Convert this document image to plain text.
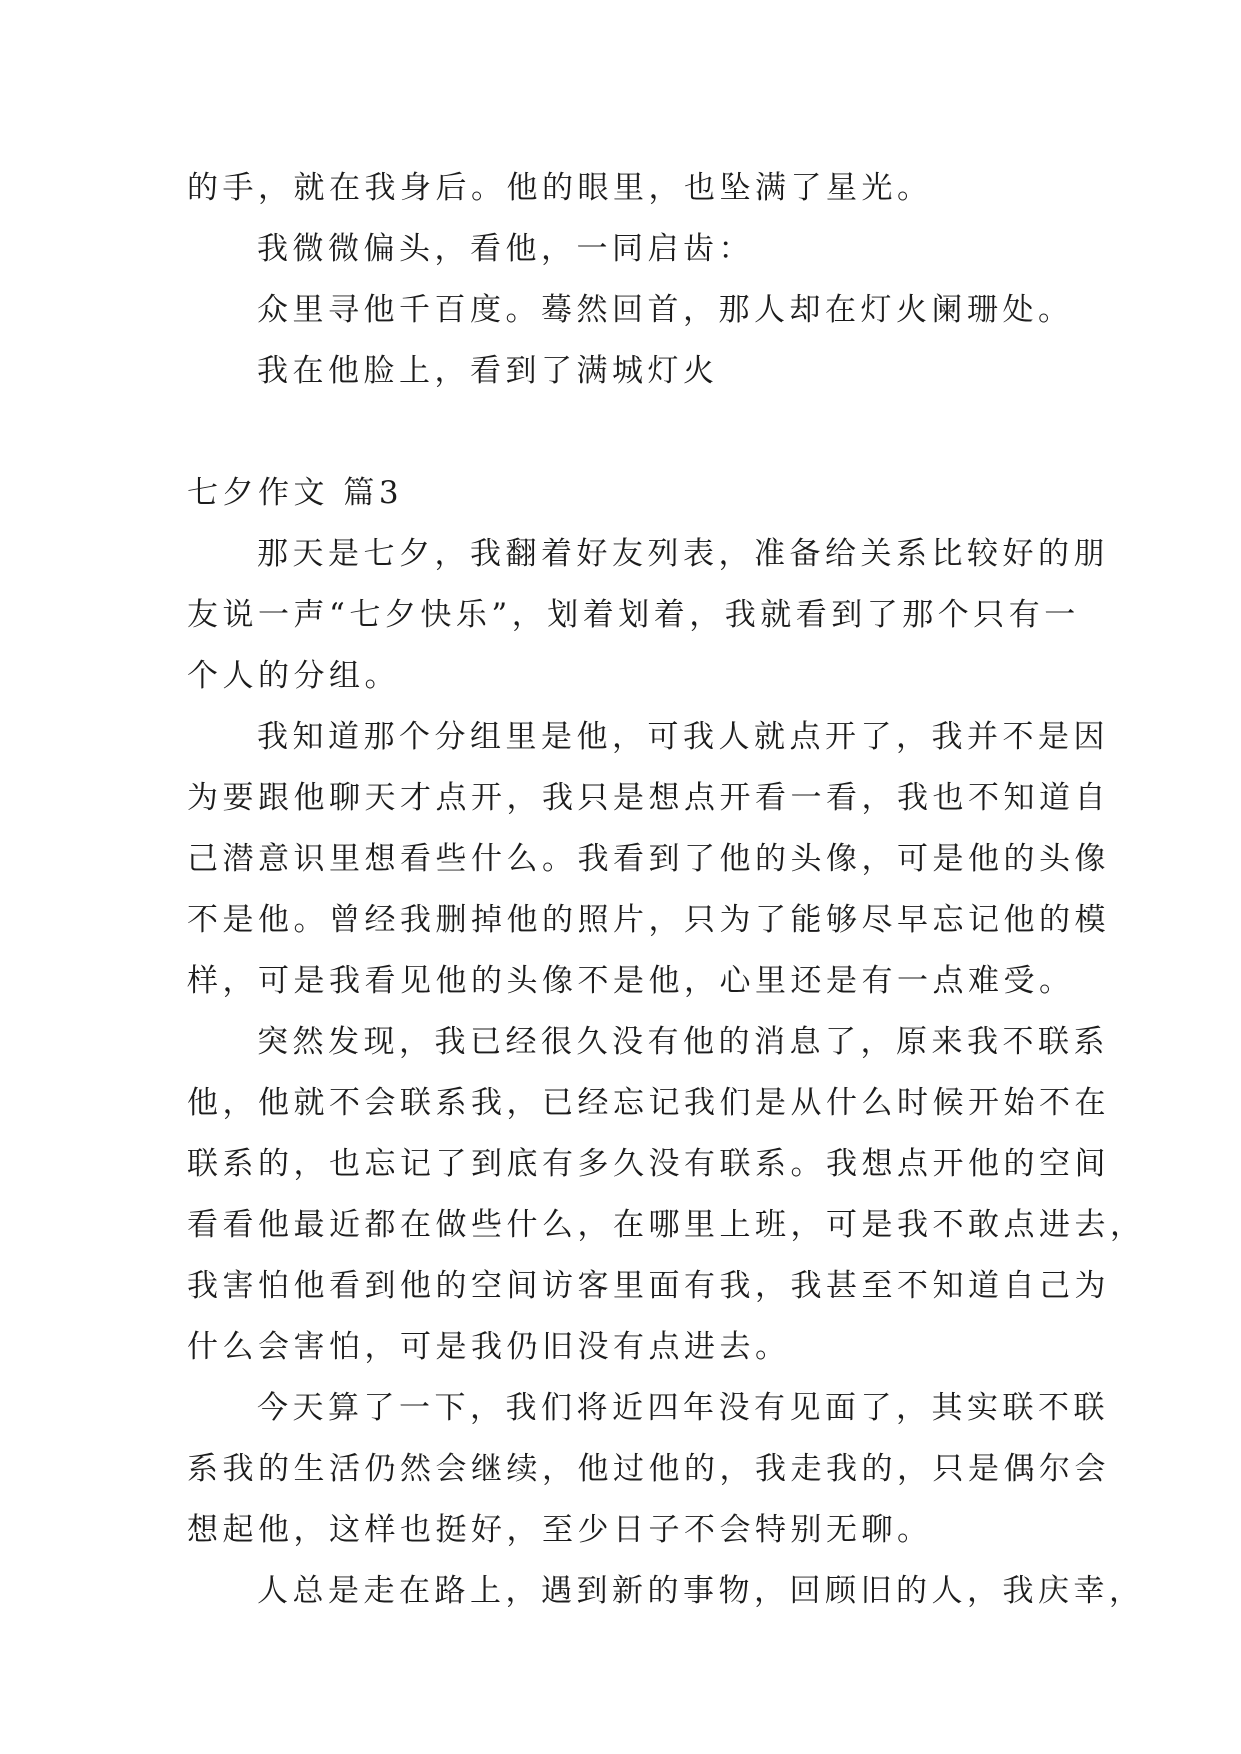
的手，就在我身后。他的眼里，也坠满了星光。
我微微偏头，看他，一同启齿：
众里寻他千百度。蓦然回首，那人却在灯火阑珊处。
我在他脸上，看到了满城灯火
七夕作文 篇3
那天是七夕，我翻着好友列表，准备给关系比较好的朋
友说一声“七夕快乐”，划着划着，我就看到了那个只有一
个人的分组。
我知道那个分组里是他，可我人就点开了，我并不是因
为要跟他聊天才点开，我只是想点开看一看，我也不知道自
己潜意识里想看些什么。我看到了他的头像，可是他的头像
不是他。曾经我删掉他的照片，只为了能够尽早忘记他的模
样，可是我看见他的头像不是他，心里还是有一点难受。
突然发现，我已经很久没有他的消息了，原来我不联系
他，他就不会联系我，已经忘记我们是从什么时候开始不在
联系的，也忘记了到底有多久没有联系。我想点开他的空间
看看他最近都在做些什么，在哪里上班，可是我不敢点进去，
我害怕他看到他的空间访客里面有我，我甚至不知道自己为
什么会害怕，可是我仍旧没有点进去。
今天算了一下，我们将近四年没有见面了，其实联不联
系我的生活仍然会继续，他过他的，我走我的，只是偶尔会
想起他，这样也挺好，至少日子不会特别无聊。
人总是走在路上，遇到新的事物，回顾旧的人，我庆幸，
